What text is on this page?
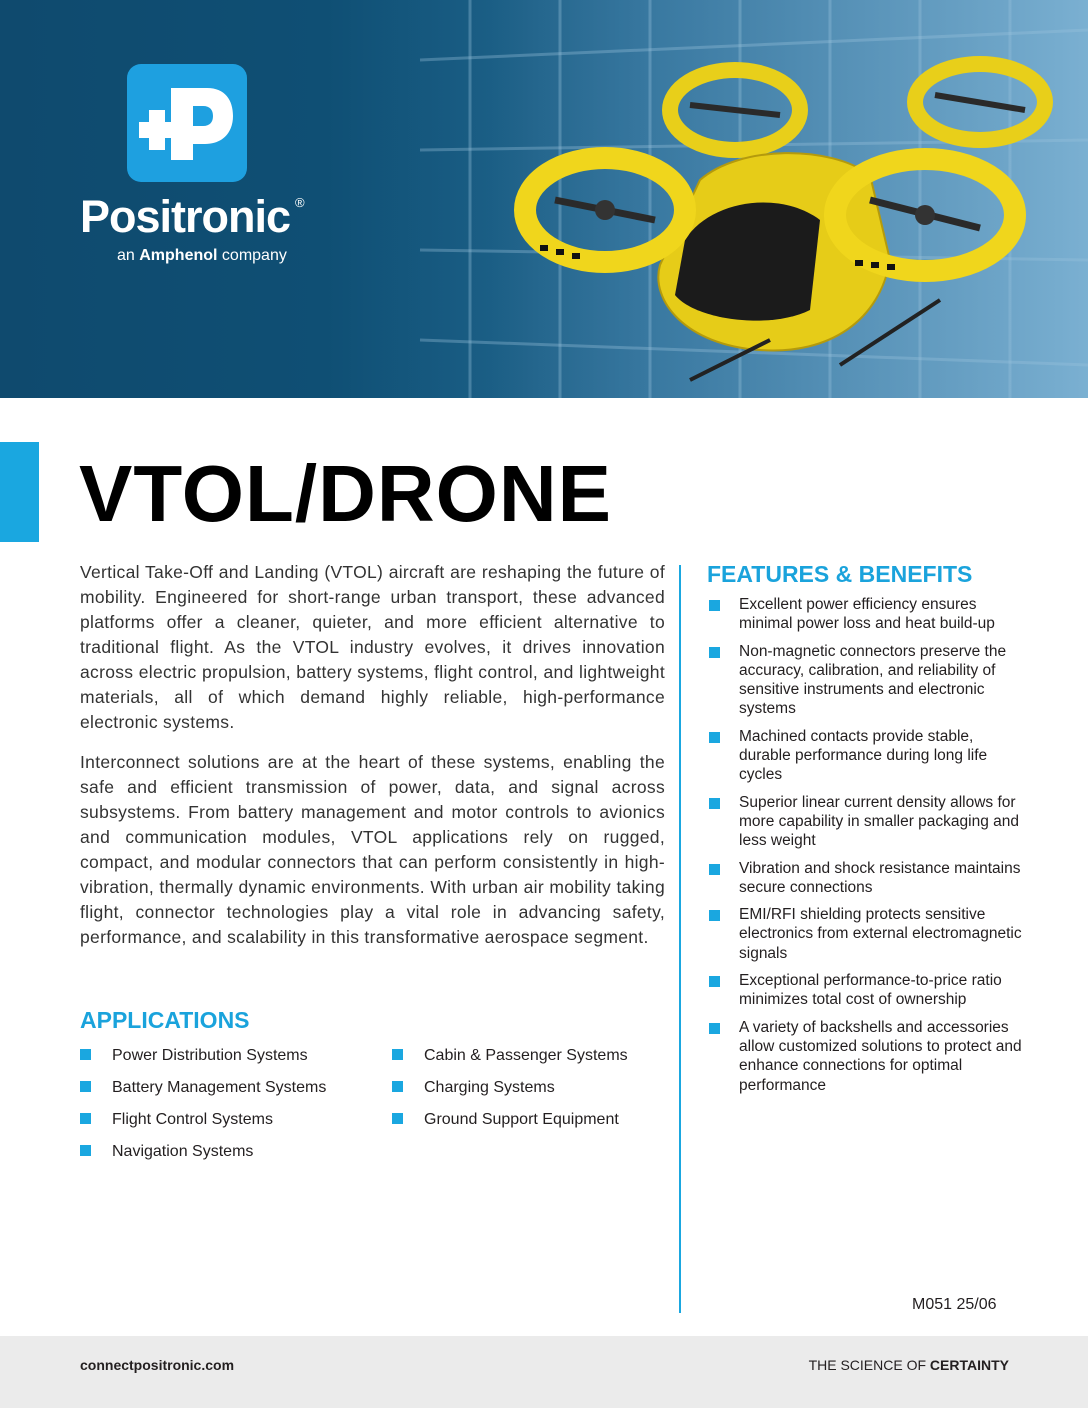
Positronic ®
an Amphenol company
VTOL/DRONE

Vertical Take-Off and Landing (VTOL) aircraft are reshaping the future of mobility. Engineered for short-range urban transport, these advanced platforms offer a cleaner, quieter, and more efficient alternative to traditional flight. As the VTOL industry evolves, it drives innovation across electric propulsion, battery systems, flight control, and lightweight materials, all of which demand highly reliable, high-performance electronic systems.

Interconnect solutions are at the heart of these systems, enabling the safe and efficient transmission of power, data, and signal across subsystems. From battery management and motor controls to avionics and communication modules, VTOL applications rely on rugged, compact, and modular connectors that can perform consistently in high-vibration, thermally dynamic environments. With urban air mobility taking flight, connector technologies play a vital role in advancing safety, performance, and scalability in this transformative aerospace segment.

APPLICATIONS
Power Distribution Systems	Cabin & Passenger Systems
Battery Management Systems	Charging Systems
Flight Control Systems	Ground Support Equipment
Navigation Systems
FEATURES & BENEFITS
Excellent power efficiency ensures minimal power loss and heat build-up
Non-magnetic connectors preserve the accuracy, calibration, and reliability of sensitive instruments and electronic systems
Machined contacts provide stable, durable performance during long life cycles
Superior linear current density allows for more capability in smaller packaging and less weight
Vibration and shock resistance maintains secure connections
EMI/RFI shielding protects sensitive electronics from external electromagnetic signals
Exceptional performance-to-price ratio minimizes total cost of ownership
A variety of backshells and accessories allow customized solutions to protect and enhance connections for optimal performance
M051 25/06
connectpositronic.com	THE SCIENCE OF CERTAINTY
